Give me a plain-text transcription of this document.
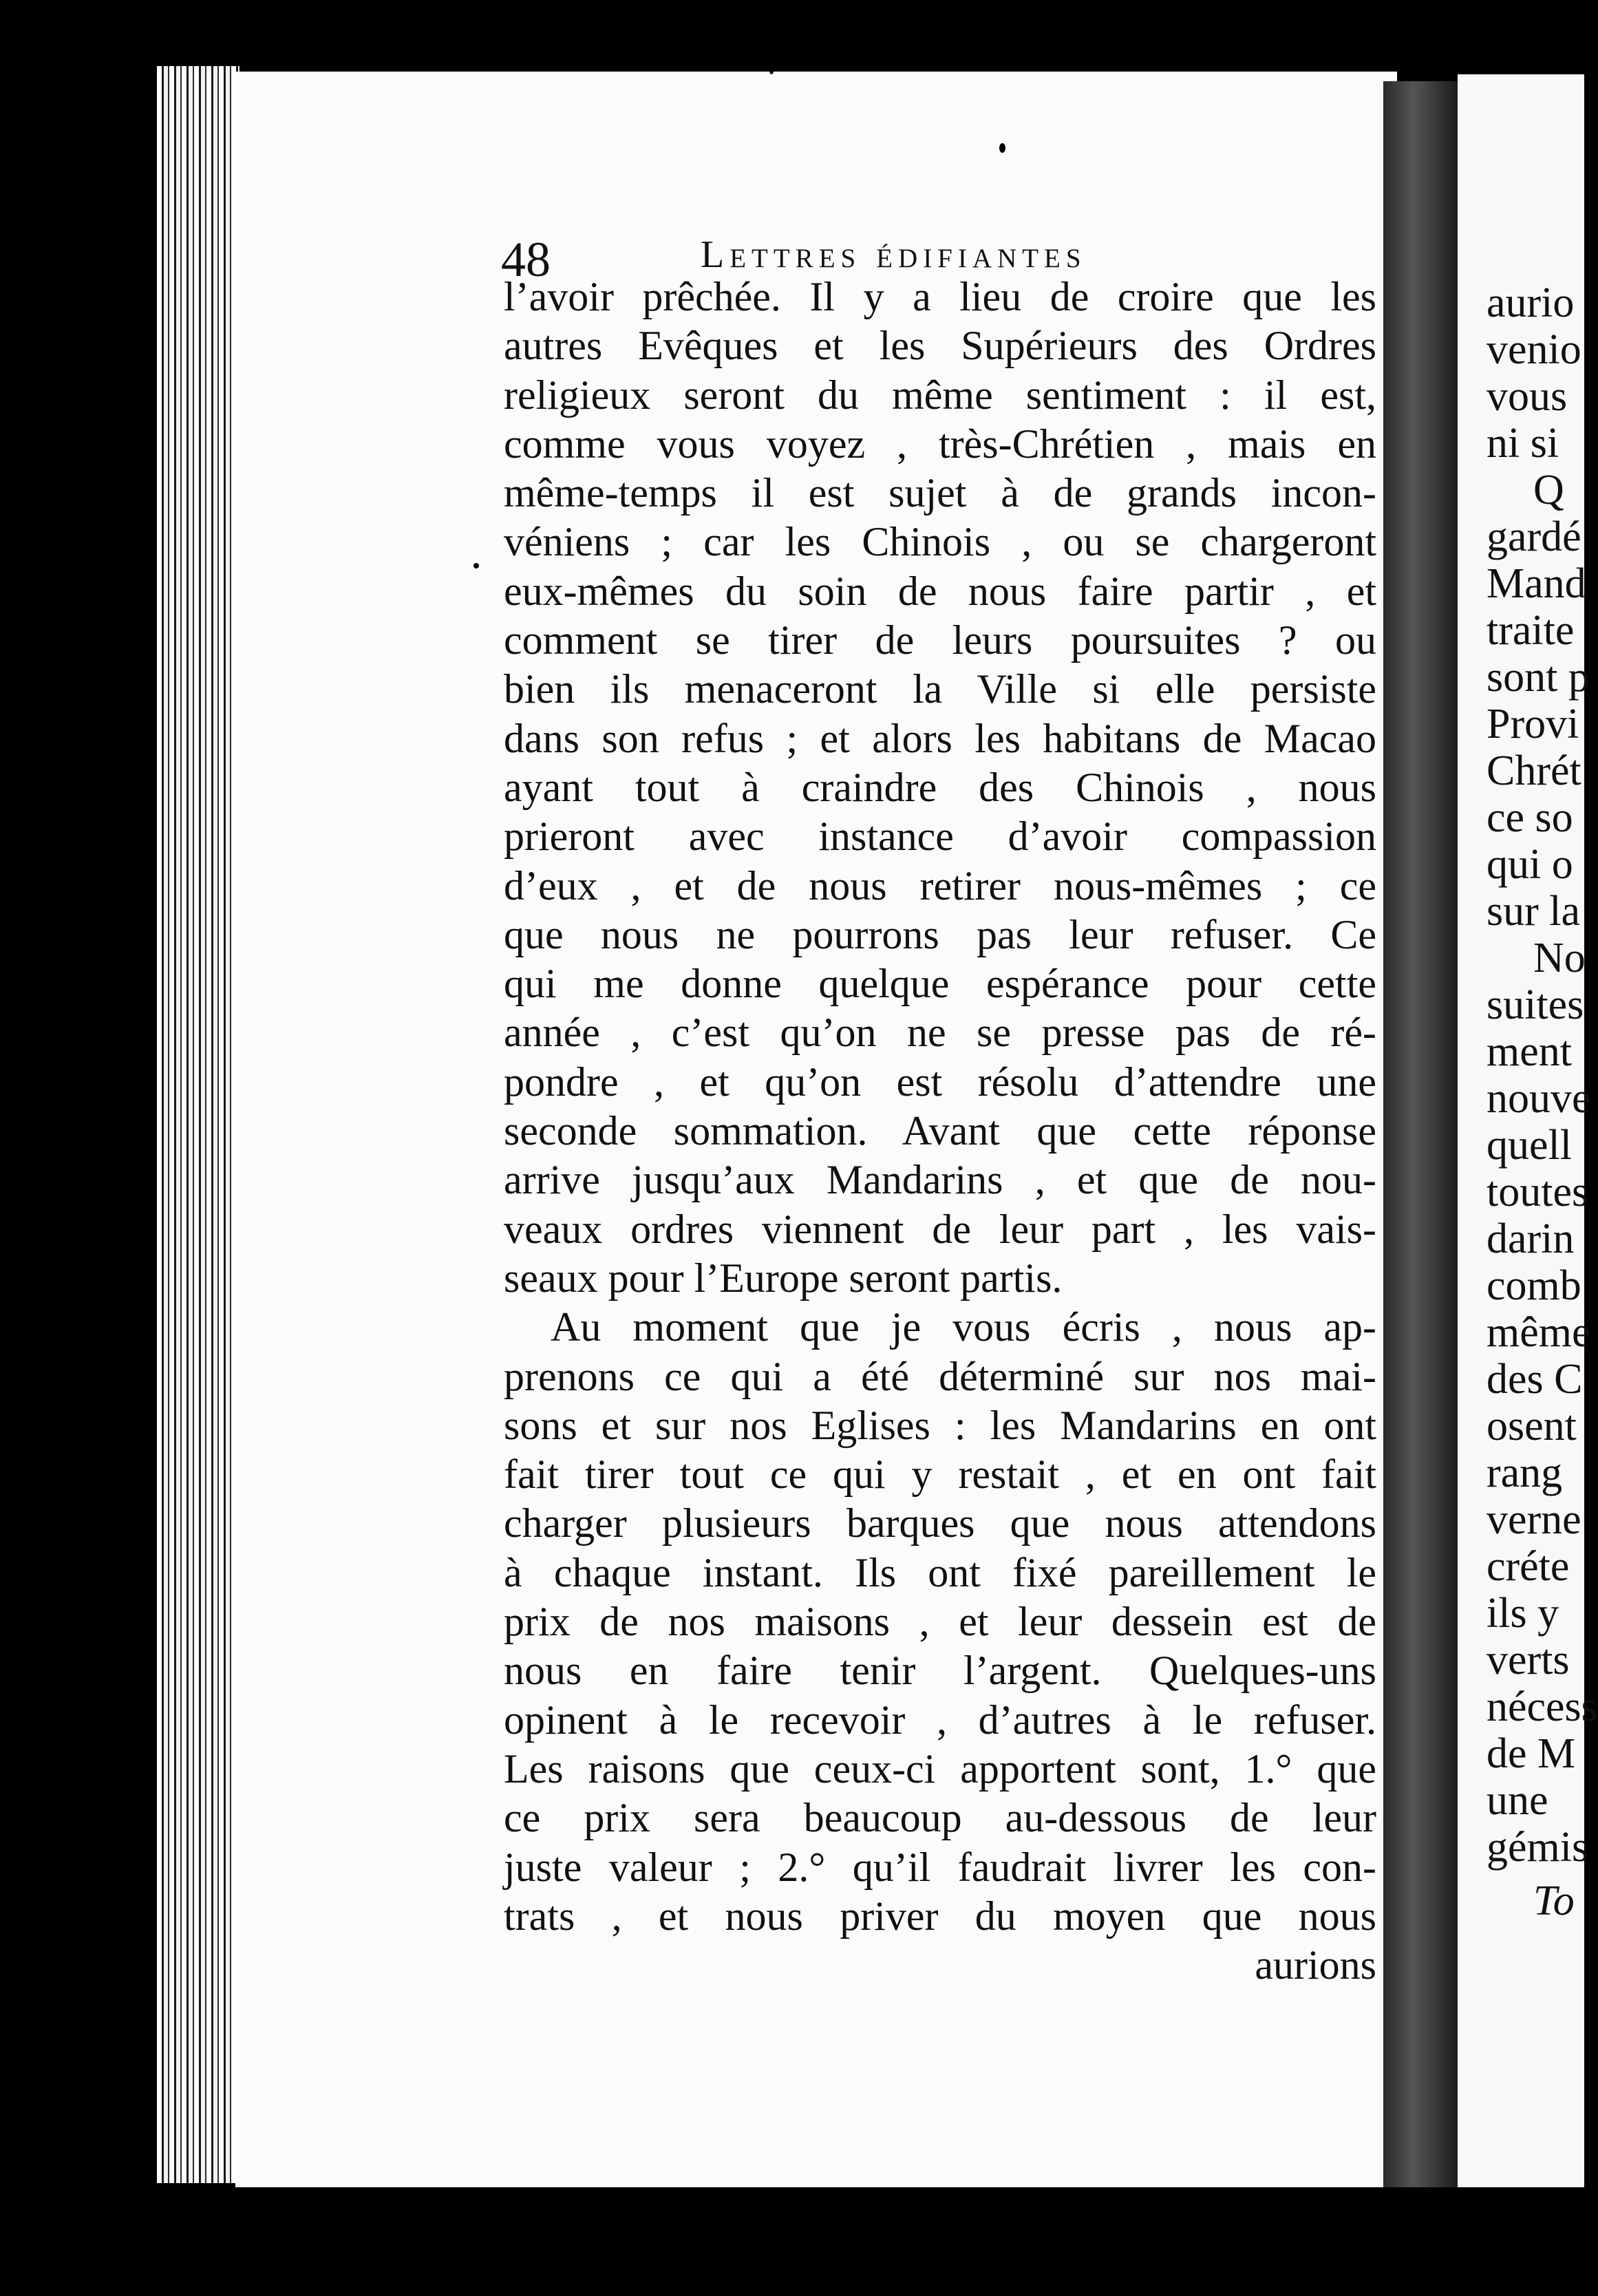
48	Lettres édifiantes
l’avoir prêchée. Il y a lieu de croire que les
autres Evêques et les Supérieurs des Ordres
religieux seront du même sentiment : il est,
comme vous voyez , très-Chrétien , mais en
même-temps il est sujet à de grands incon-
véniens ; car les Chinois , ou se chargeront
eux-mêmes du soin de nous faire partir , et
comment se tirer de leurs poursuites ? ou
bien ils menaceront la Ville si elle persiste
dans son refus ; et alors les habitans de Macao
ayant tout à craindre des Chinois , nous
prieront avec instance d’avoir compassion
d’eux , et de nous retirer nous-mêmes ; ce
que nous ne pourrons pas leur refuser. Ce
qui me donne quelque espérance pour cette
année , c’est qu’on ne se presse pas de ré-
pondre , et qu’on est résolu d’attendre une
seconde sommation. Avant que cette réponse
arrive jusqu’aux Mandarins , et que de nou-
veaux ordres viennent de leur part , les vais-
seaux pour l’Europe seront partis.
Au moment que je vous écris , nous ap-
prenons ce qui a été déterminé sur nos mai-
sons et sur nos Eglises : les Mandarins en ont
fait tirer tout ce qui y restait , et en ont fait
charger plusieurs barques que nous attendons
à chaque instant. Ils ont fixé pareillement le
prix de nos maisons , et leur dessein est de
nous en faire tenir l’argent. Quelques-uns
opinent à le recevoir , d’autres à le refuser.
Les raisons que ceux-ci apportent sont, 1.° que
ce prix sera beaucoup au-dessous de leur
juste valeur ; 2.° qu’il faudrait livrer les con-
trats , et nous priver du moyen que nous
aurions
aurio
venio
vous
ni si
Q
gardé
Mand
traite
sont p
Provi
Chrét
ce so
qui o
sur la
No
suites
ment
nouve
quell
toutes
darin
comb
même
des C
osent
rang
verne
créte
ils y
verts
nécess
de M
une
gémis
To
